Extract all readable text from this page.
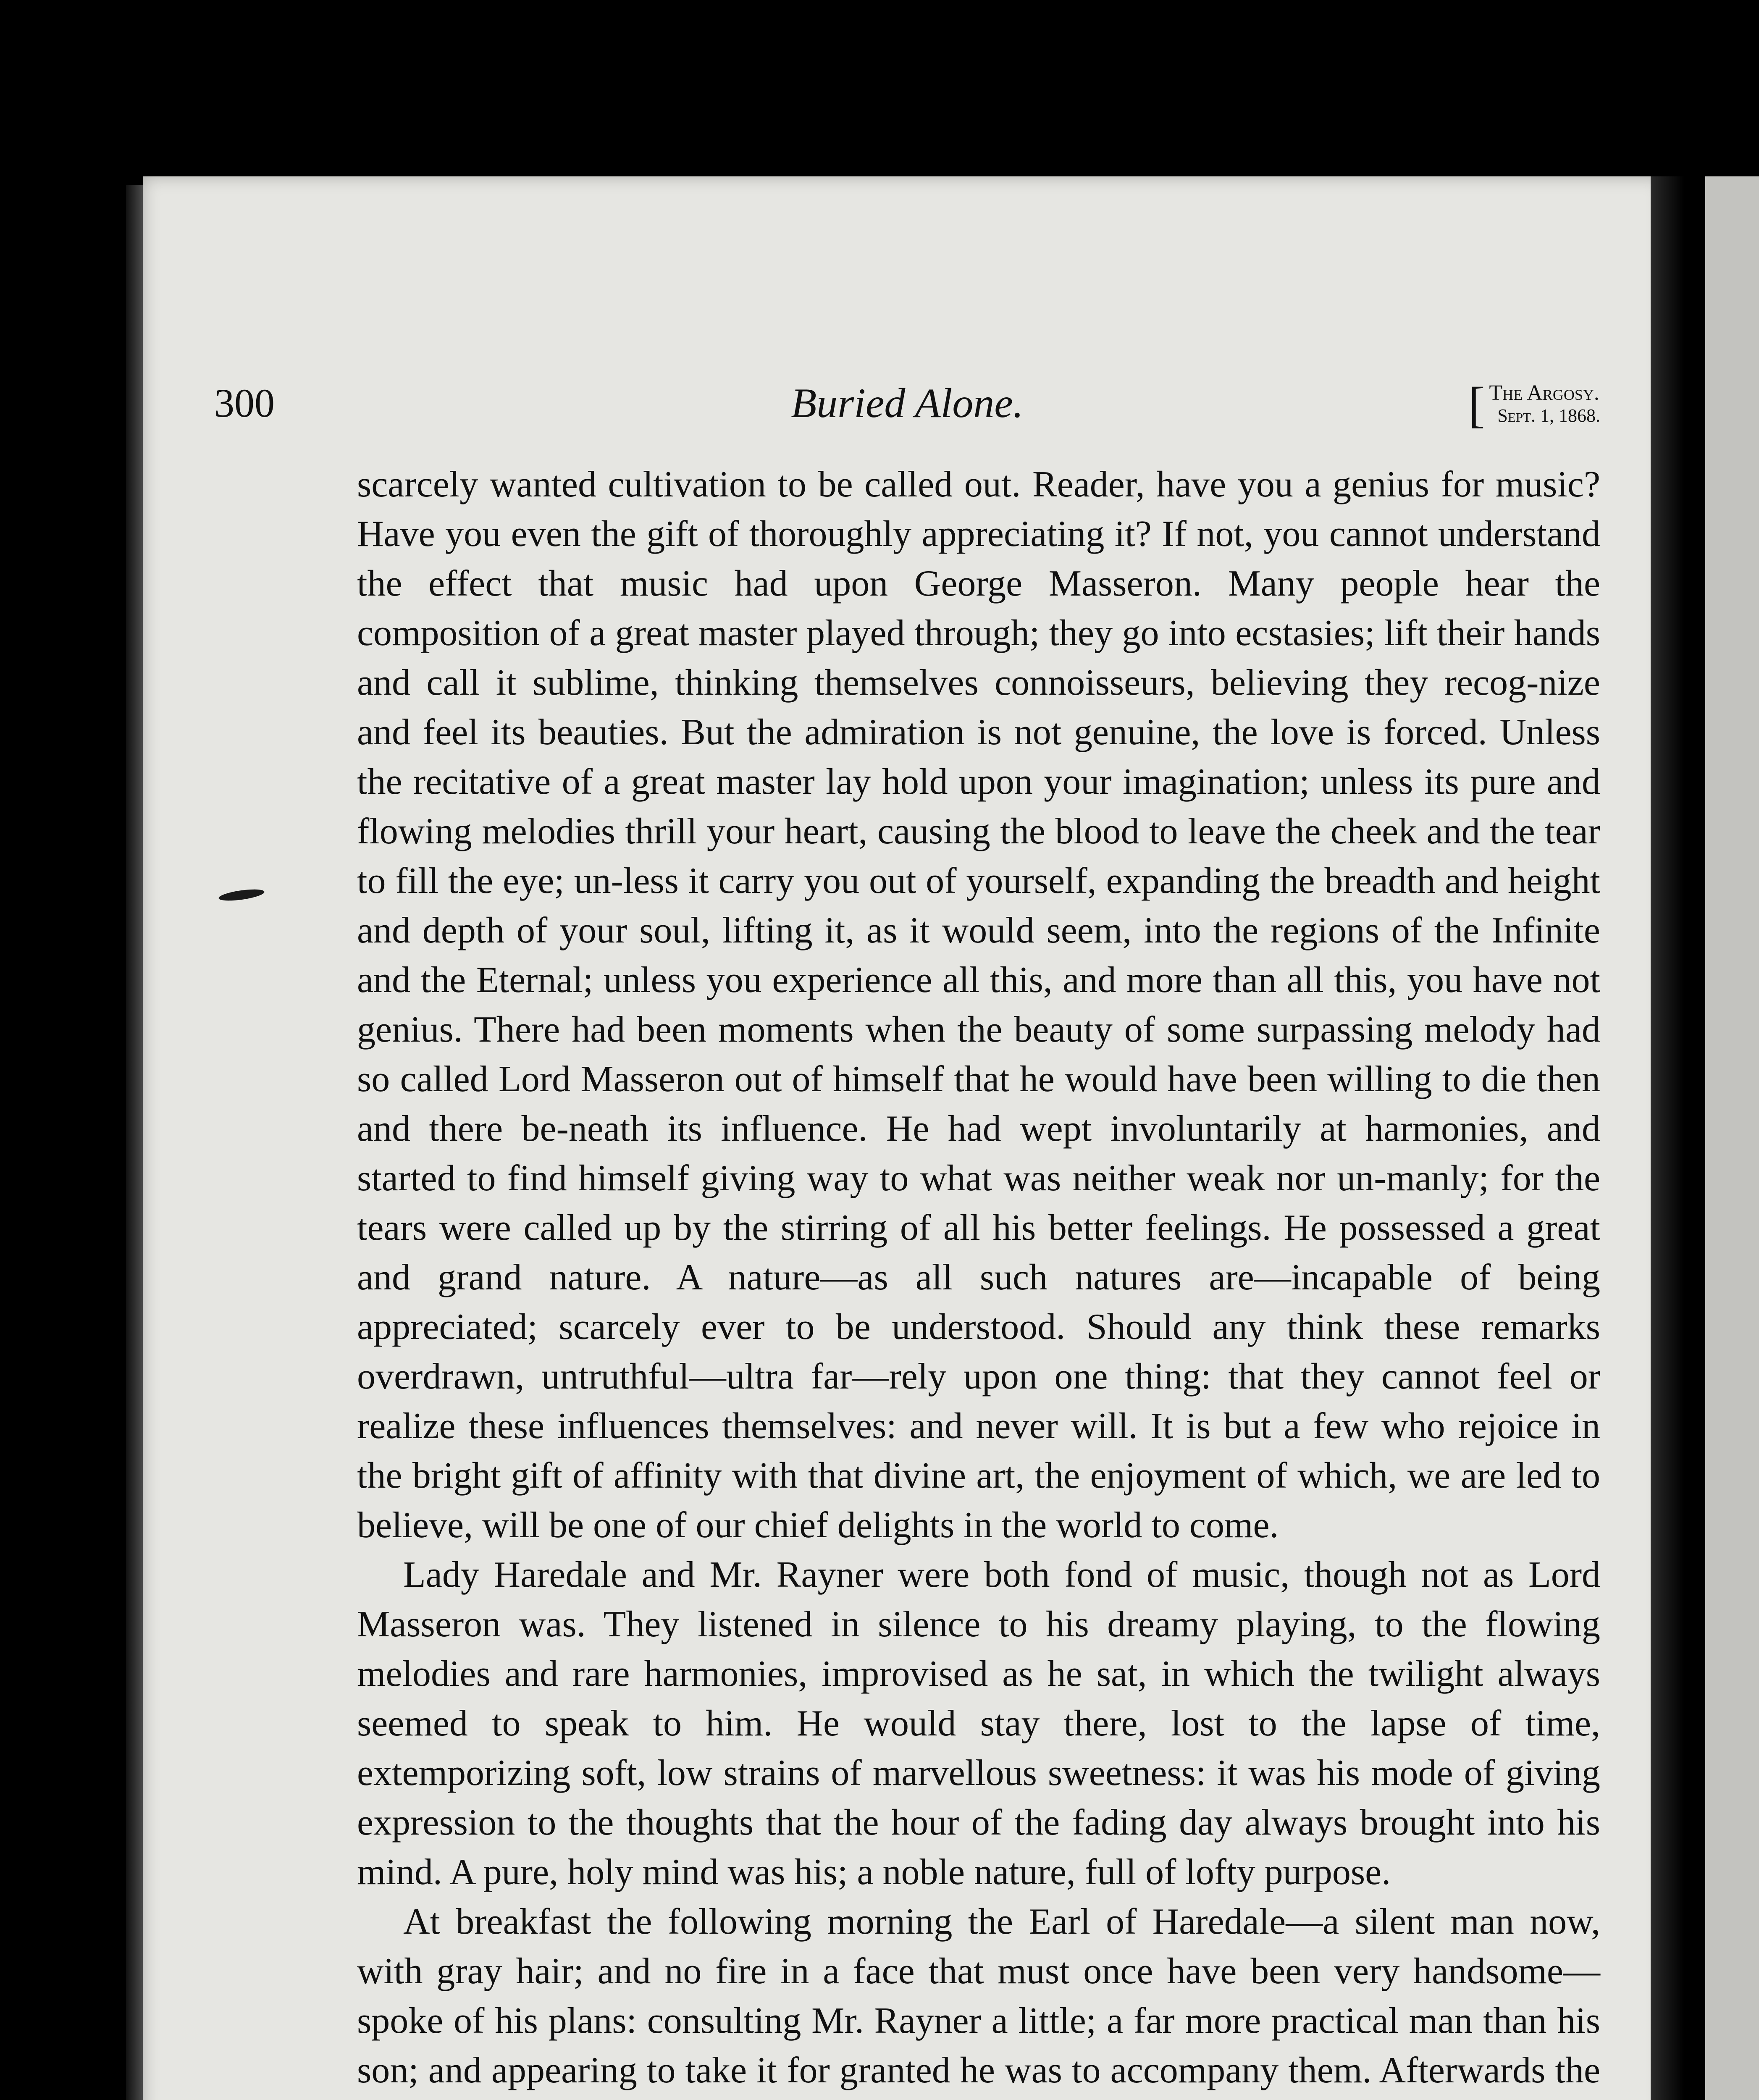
300	Buried Alone.	[ The Argosy.
Sept. 1, 1868.

scarcely wanted cultivation to be called out. Reader, have you a genius for music? Have you even the gift of thoroughly appreciating it? If not, you cannot understand the effect that music had upon George Masseron. Many people hear the composition of a great master played through; they go into ecstasies; lift their hands and call it sublime, thinking themselves connoisseurs, believing they recog-nize and feel its beauties. But the admiration is not genuine, the love is forced. Unless the recitative of a great master lay hold upon your imagination; unless its pure and flowing melodies thrill your heart, causing the blood to leave the cheek and the tear to fill the eye; un-less it carry you out of yourself, expanding the breadth and height and depth of your soul, lifting it, as it would seem, into the regions of the Infinite and the Eternal; unless you experience all this, and more than all this, you have not genius. There had been moments when the beauty of some surpassing melody had so called Lord Masseron out of himself that he would have been willing to die then and there be-neath its influence. He had wept involuntarily at harmonies, and started to find himself giving way to what was neither weak nor un-manly; for the tears were called up by the stirring of all his better feelings. He possessed a great and grand nature. A nature—as all such natures are—incapable of being appreciated; scarcely ever to be understood. Should any think these remarks overdrawn, untruthful—ultra far—rely upon one thing: that they cannot feel or realize these influences themselves: and never will. It is but a few who rejoice in the bright gift of affinity with that divine art, the enjoyment of which, we are led to believe, will be one of our chief delights in the world to come.

Lady Haredale and Mr. Rayner were both fond of music, though not as Lord Masseron was. They listened in silence to his dreamy playing, to the flowing melodies and rare harmonies, improvised as he sat, in which the twilight always seemed to speak to him. He would stay there, lost to the lapse of time, extemporizing soft, low strains of marvellous sweetness: it was his mode of giving expression to the thoughts that the hour of the fading day always brought into his mind. A pure, holy mind was his; a noble nature, full of lofty purpose.

At breakfast the following morning the Earl of Haredale—a silent man now, with gray hair; and no fire in a face that must once have been very handsome—spoke of his plans: consulting Mr. Rayner a little; a far more practical man than his son; and appearing to take it for granted he was to accompany them. Afterwards the
